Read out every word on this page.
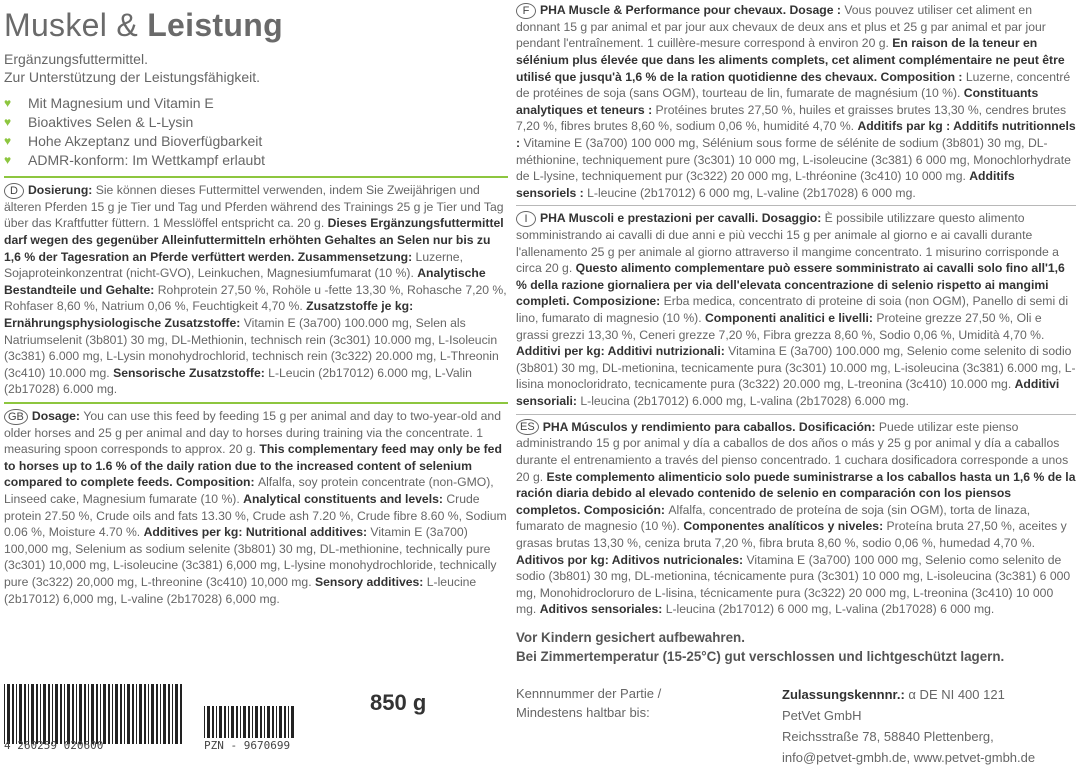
Muskel & Leistung
Ergänzungsfuttermittel.
Zur Unterstützung der Leistungsfähigkeit.
♥	Mit Magnesium und Vitamin E
♥	Bioaktives Selen & L-Lysin
♥	Hohe Akzeptanz und Bioverfügbarkeit
♥	ADMR-konform: Im Wettkampf erlaubt
D Dosierung: Sie können dieses Futtermittel verwenden, indem Sie Zweijährigen und älteren Pferden 15 g je Tier und Tag und Pferden während des Trainings 25 g je Tier und Tag über das Kraftfutter füttern. 1 Messlöffel entspricht ca. 20 g. Dieses Ergänzungsfuttermittel darf wegen des gegenüber Alleinfuttermitteln erhöhten Gehaltes an Selen nur bis zu 1,6 % der Tagesration an Pferde verfüttert werden. Zusammensetzung: Luzerne, Sojaproteinkonzentrat (nicht-GVO), Leinkuchen, Magnesiumfumarat (10 %). Analytische Bestandteile und Gehalte: Rohprotein 27,50 %, Rohöle u -fette 13,30 %, Rohasche 7,20 %, Rohfaser 8,60 %, Natrium 0,06 %, Feuchtigkeit 4,70 %. Zusatzstoffe je kg: Ernährungsphysiologische Zusatzstoffe: Vitamin E (3a700) 100.000 mg, Selen als Natriumselenit (3b801) 30 mg, DL-Methionin, technisch rein (3c301) 10.000 mg, L-Isoleucin (3c381) 6.000 mg, L-Lysin monohydrochlorid, technisch rein (3c322) 20.000 mg, L-Threonin (3c410) 10.000 mg. Sensorische Zusatzstoffe: L-Leucin (2b17012) 6.000 mg, L-Valin (2b17028) 6.000 mg.
GB Dosage: You can use this feed by feeding 15 g per animal and day to two-year-old and older horses and 25 g per animal and day to horses during training via the concentrate. 1 measuring spoon corresponds to approx. 20 g. This complementary feed may only be fed to horses up to 1.6 % of the daily ration due to the increased content of selenium compared to complete feeds. Composition: Alfalfa, soy protein concentrate (non-GMO), Linseed cake, Magnesium fumarate (10 %). Analytical constituents and levels: Crude protein 27.50 %, Crude oils and fats 13.30 %, Crude ash 7.20 %, Crude fibre 8.60 %, Sodium 0.06 %, Moisture 4.70 %. Additives per kg: Nutritional additives: Vitamin E (3a700) 100,000 mg, Selenium as sodium selenite (3b801) 30 mg, DL-methionine, technically pure (3c301) 10,000 mg, L-isoleucine (3c381) 6,000 mg, L-lysine monohydrochloride, technically pure (3c322) 20,000 mg, L-threonine (3c410) 10,000 mg. Sensory additives: L-leucine (2b17012) 6,000 mg, L-valine (2b17028) 6,000 mg.
F PHA Muscle & Performance pour chevaux. Dosage : Vous pouvez utiliser cet aliment en donnant 15 g par animal et par jour aux chevaux de deux ans et plus et 25 g par animal et par jour pendant l'entraînement. 1 cuillère-mesure correspond à environ 20 g. En raison de la teneur en sélénium plus élevée que dans les aliments complets, cet aliment complémentaire ne peut être utilisé que jusqu'à 1,6 % de la ration quotidienne des chevaux. Composition : Luzerne, concentré de protéines de soja (sans OGM), tourteau de lin, fumarate de magnésium (10 %). Constituants analytiques et teneurs : Protéines brutes 27,50 %, huiles et graisses brutes 13,30 %, cendres brutes 7,20 %, fibres brutes 8,60 %, sodium 0,06 %, humidité 4,70 %. Additifs par kg : Additifs nutritionnels : Vitamine E (3a700) 100 000 mg, Sélénium sous forme de sélénite de sodium (3b801) 30 mg, DL-méthionine, techniquement pure (3c301) 10 000 mg, L-isoleucine (3c381) 6 000 mg, Monochlorhydrate de L-lysine, techniquement pur (3c322) 20 000 mg, L-thréonine (3c410) 10 000 mg. Additifs sensoriels : L-leucine (2b17012) 6 000 mg, L-valine (2b17028) 6 000 mg.
I PHA Muscoli e prestazioni per cavalli. Dosaggio: È possibile utilizzare questo alimento somministrando ai cavalli di due anni e più vecchi 15 g per animale al giorno e ai cavalli durante l'allenamento 25 g per animale al giorno attraverso il mangime concentrato. 1 misurino corrisponde a circa 20 g. Questo alimento complementare può essere somministrato ai cavalli solo fino all'1,6 % della razione giornaliera per via dell'elevata concentrazione di selenio rispetto ai mangimi completi. Composizione: Erba medica, concentrato di proteine di soia (non OGM), Panello di semi di lino, fumarato di magnesio (10 %). Componenti analitici e livelli: Proteine grezze 27,50 %, Oli e grassi grezzi 13,30 %, Ceneri grezze 7,20 %, Fibra grezza 8,60 %, Sodio 0,06 %, Umidità 4,70 %. Additivi per kg: Additivi nutrizionali: Vitamina E (3a700) 100.000 mg, Selenio come selenito di sodio (3b801) 30 mg, DL-metionina, tecnicamente pura (3c301) 10.000 mg, L-isoleucina (3c381) 6.000 mg, L-lisina monocloridrato, tecnicamente pura (3c322) 20.000 mg, L-treonina (3c410) 10.000 mg. Additivi sensoriali: L-leucina (2b17012) 6.000 mg, L-valina (2b17028) 6.000 mg.
ES PHA Músculos y rendimiento para caballos. Dosificación: Puede utilizar este pienso administrando 15 g por animal y día a caballos de dos años o más y 25 g por animal y día a caballos durante el entrenamiento a través del pienso concentrado. 1 cuchara dosificadora corresponde a unos 20 g. Este complemento alimenticio solo puede suministrarse a los caballos hasta un 1,6 % de la ración diaria debido al elevado contenido de selenio en comparación con los piensos completos. Composición: Alfalfa, concentrado de proteína de soja (sin OGM), torta de linaza, fumarato de magnesio (10 %). Componentes analíticos y niveles: Proteína bruta 27,50 %, aceites y grasas brutas 13,30 %, ceniza bruta 7,20 %, fibra bruta 8,60 %, sodio 0,06 %, humedad 4,70 %. Aditivos por kg: Aditivos nutricionales: Vitamina E (3a700) 100 000 mg, Selenio como selenito de sodio (3b801) 30 mg, DL-metionina, técnicamente pura (3c301) 10 000 mg, L-isoleucina (3c381) 6 000 mg, Monohidrocloruro de L-lisina, técnicamente pura (3c322) 20 000 mg, L-treonina (3c410) 10 000 mg. Aditivos sensoriales: L-leucina (2b17012) 6 000 mg, L-valina (2b17028) 6 000 mg.
Vor Kindern gesichert aufbewahren.
Bei Zimmertemperatur (15-25°C) gut verschlossen und lichtgeschützt lagern.
4 260259 020600	PZN - 9670699
850 g	Kennnummer der Partie /
Mindestens haltbar bis:
Zulassungskennnr.: α DE NI 400 121
PetVet GmbH
Reichsstraße 78, 58840 Plettenberg,
info@petvet-gmbh.de, www.petvet-gmbh.de
